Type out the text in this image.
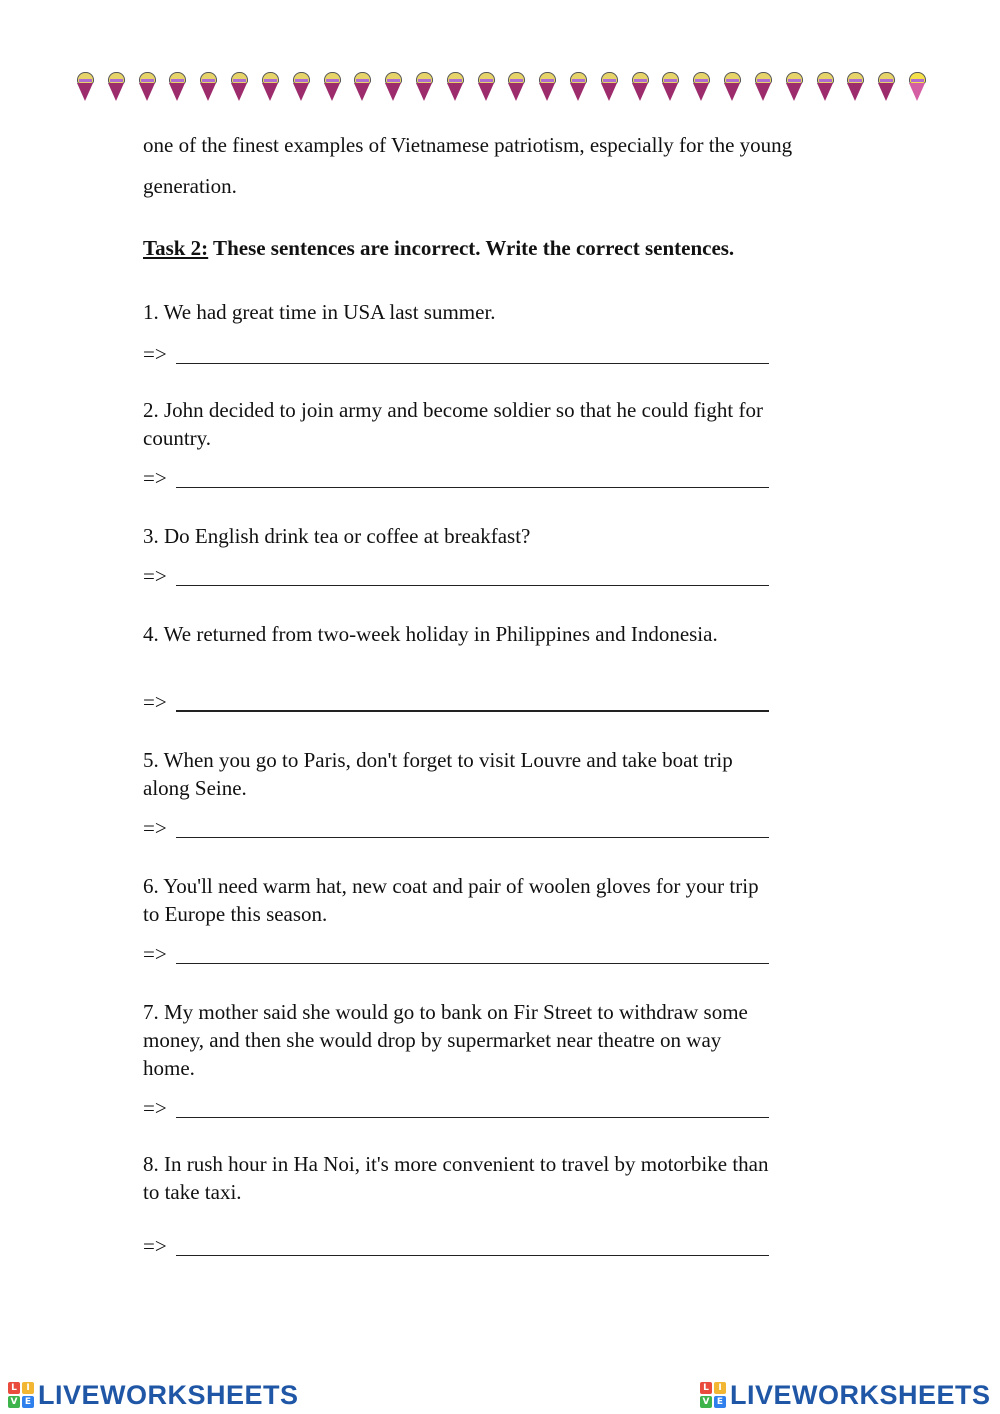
one of the finest examples of Vietnamese patriotism, especially for the young generation.

Task 2: These sentences are incorrect. Write the correct sentences.

1. We had great time in USA last summer.

=>

2. John decided to join army and become soldier so that he could fight for country.

=>

3. Do English drink tea or coffee at breakfast?

=>

4. We returned from two-week holiday in Philippines and Indonesia.

=>

5. When you go to Paris, don't forget to visit Louvre and take boat trip along Seine.

=>

6. You'll need warm hat, new coat and pair of woolen gloves for your trip to Europe this season.

=>

7. My mother said she would go to bank on Fir Street to withdraw some money, and then she would drop by supermarket near theatre on way home.

=>

8. In rush hour in Ha Noi, it's more convenient to travel by motorbike than to take taxi.

=>
L	I
V E LIVEWORKSHEETS	L	I
V E LIVEWORKSHEETS
